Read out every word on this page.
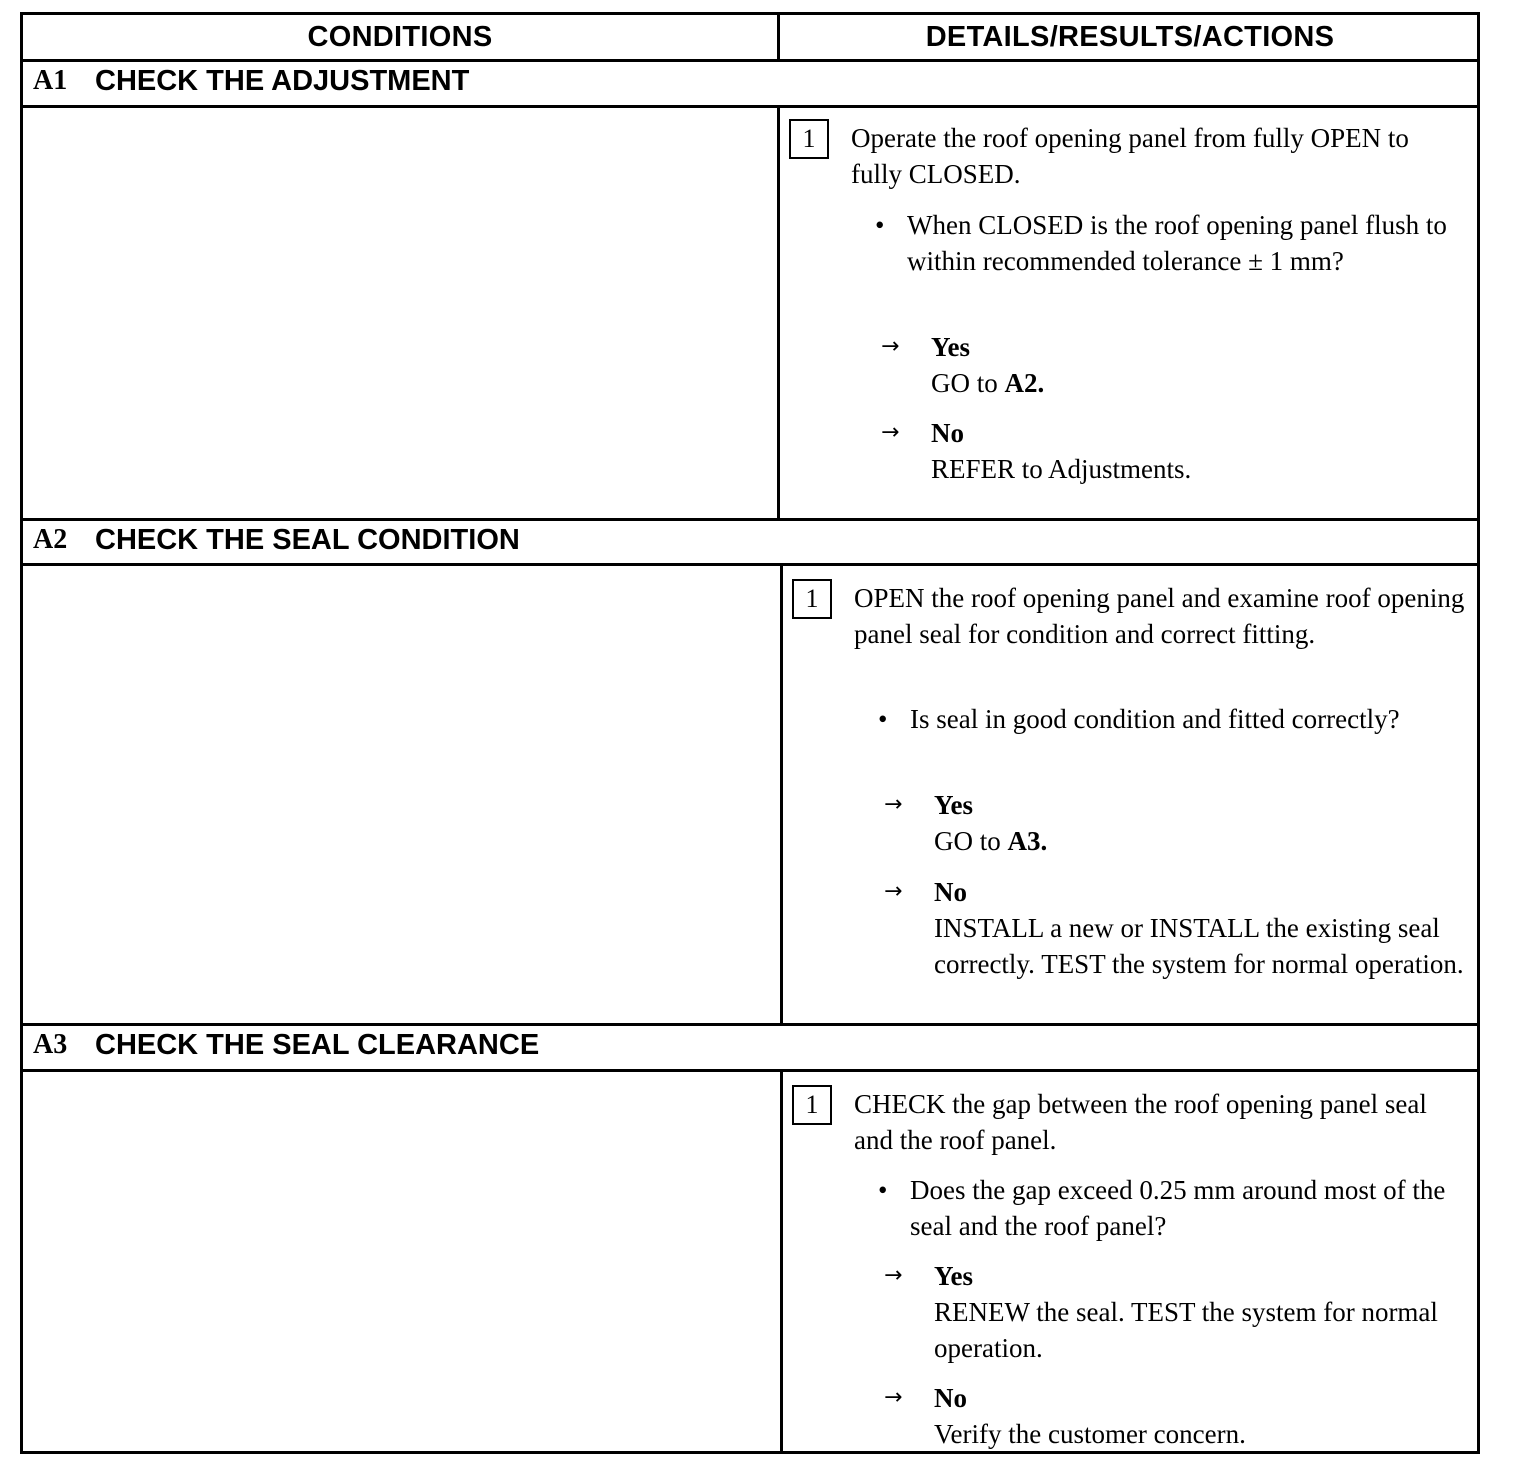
CONDITIONS	DETAILS/RESULTS/ACTIONS
A1 CHECK THE ADJUSTMENT
1	Operate the roof opening panel from fully OPEN to fully CLOSED.
• When CLOSED is the roof opening panel flush to within recommended tolerance ± 1 mm?
→ Yes
GO to A2.
→ No
REFER to Adjustments.
A2 CHECK THE SEAL CONDITION
1	OPEN the roof opening panel and examine roof opening panel seal for condition and correct fitting.
• Is seal in good condition and fitted correctly?
→ Yes
GO to A3.
→ No
INSTALL a new or INSTALL the existing seal correctly. TEST the system for normal operation.
A3 CHECK THE SEAL CLEARANCE
1	CHECK the gap between the roof opening panel seal and the roof panel.
• Does the gap exceed 0.25 mm around most of the seal and the roof panel?
→ Yes
RENEW the seal. TEST the system for normal operation.
→ No
Verify the customer concern.
